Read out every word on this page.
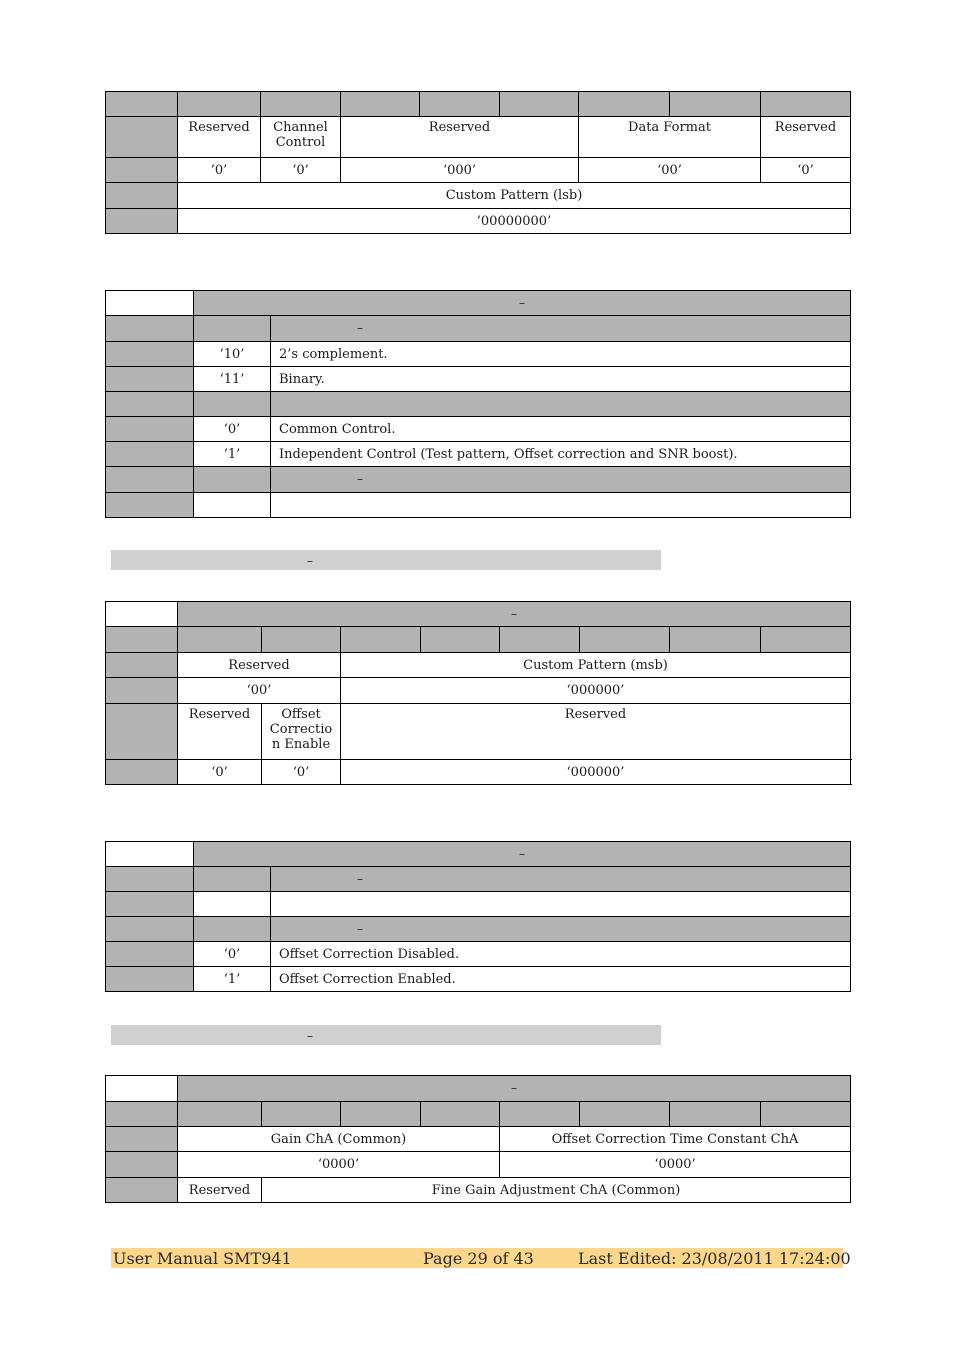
	Reserved	Channel Control	Reserved			Data Format		Reserved
	’0’	‘0’	‘000’			‘00’		‘0’
	Custom Pattern (lsb)							
	‘00000000’							
	–	
		–
	‘10’	2’s complement.
	‘11’	Binary.

	‘0’	Common Control.
	‘1’	Independent Control (Test pattern, Offset correction and SNR boost).
		–

–
	–							

	Reserved		Custom Pattern (msb)					
	‘00’		‘000000’					
	Reserved	Offset Correctio n Enable	Reserved					
	‘0’	‘0’	‘000000’					
	–	
		–

		–
	‘0’	Offset Correction Disabled.
	‘1’	Offset Correction Enabled.
–
	–							

	Gain ChA (Common)				Offset Correction Time Constant ChA			
	‘0000’				‘0000’			
	Reserved	Fine Gain Adjustment ChA (Common)						
User Manual SMT941	Page 29 of 43	Last Edited: 23/08/2011 17:24:00
